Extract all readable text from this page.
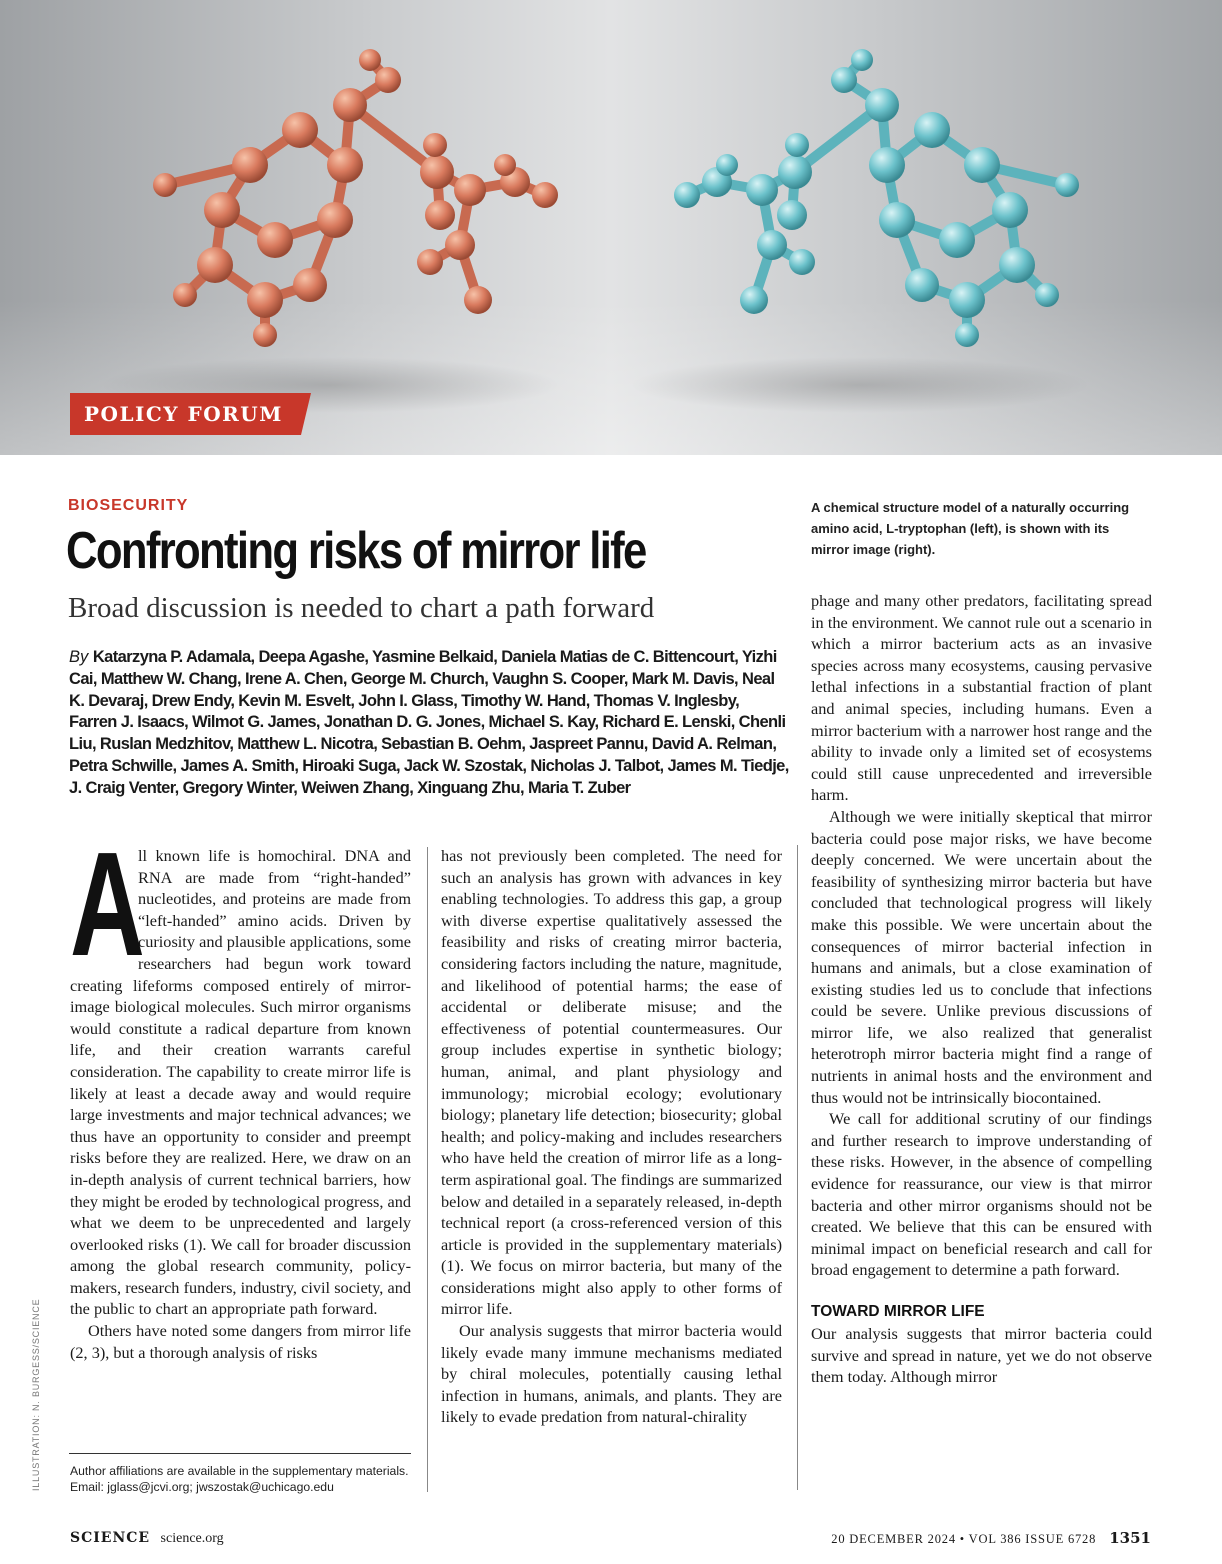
POLICY FORUM
BIOSECURITY
Confronting risks of mirror life
Broad discussion is needed to chart a path forward
By Katarzyna P. Adamala, Deepa Agashe, Yasmine Belkaid, Daniela Matias de C. Bittencourt, Yizhi Cai, Matthew W. Chang, Irene A. Chen, George M. Church, Vaughn S. Cooper, Mark M. Davis, Neal K. Devaraj, Drew Endy, Kevin M. Esvelt, John I. Glass, Timothy W. Hand, Thomas V. Inglesby, Farren J. Isaacs, Wilmot G. James, Jonathan D. G. Jones, Michael S. Kay, Richard E. Lenski, Chenli Liu, Ruslan Medzhitov, Matthew L. Nicotra, Sebastian B. Oehm, Jaspreet Pannu, David A. Relman, Petra Schwille, James A. Smith, Hiroaki Suga, Jack W. Szostak, Nicholas J. Talbot, James M. Tiedje, J. Craig Venter, Gregory Winter, Weiwen Zhang, Xinguang Zhu, Maria T. Zuber
A chemical structure model of a naturally occurring amino acid, L-tryptophan (left), is shown with its mirror image (right).

A
ll known life is homochiral. DNA and RNA are made from “right-handed” nucleotides, and proteins are made from “left-handed” amino acids. Driven by curiosity and plausible applications, some researchers had begun work toward creating lifeforms composed entirely of mirror-image biological molecules. Such mirror organisms would constitute a radical departure from known life, and their creation warrants careful consideration. The capability to create mirror life is likely at least a decade away and would require large investments and major technical advances; we thus have an opportunity to consider and preempt risks before they are realized. Here, we draw on an in-depth analysis of current technical barriers, how they might be eroded by technological progress, and what we deem to be unprecedented and largely overlooked risks (1). We call for broader discussion among the global research community, policy-makers, research funders, industry, civil society, and the public to chart an appropriate path forward.

Others have noted some dangers from mirror life (2, 3), but a thorough analysis of risks

has not previously been completed. The need for such an analysis has grown with advances in key enabling technologies. To address this gap, a group with diverse expertise qualitatively assessed the feasibility and risks of creating mirror bacteria, considering factors including the nature, magnitude, and likelihood of potential harms; the ease of accidental or deliberate misuse; and the effectiveness of potential countermeasures. Our group includes expertise in synthetic biology; human, animal, and plant physiology and immunology; microbial ecology; evolutionary biology; planetary life detection; biosecurity; global health; and policy-making and includes researchers who have held the creation of mirror life as a long-term aspirational goal. The findings are summarized below and detailed in a separately released, in-depth technical report (a cross-referenced version of this article is provided in the supplementary materials) (1). We focus on mirror bacteria, but many of the considerations might also apply to other forms of mirror life.

Our analysis suggests that mirror bacteria would likely evade many immune mechanisms mediated by chiral molecules, potentially causing lethal infection in humans, animals, and plants. They are likely to evade predation from natural-chirality

phage and many other predators, facilitating spread in the environment. We cannot rule out a scenario in which a mirror bacterium acts as an invasive species across many ecosystems, causing pervasive lethal infections in a substantial fraction of plant and animal species, including humans. Even a mirror bacterium with a narrower host range and the ability to invade only a limited set of ecosystems could still cause unprecedented and irreversible harm.

Although we were initially skeptical that mirror bacteria could pose major risks, we have become deeply concerned. We were uncertain about the feasibility of synthesizing mirror bacteria but have concluded that technological progress will likely make this possible. We were uncertain about the consequences of mirror bacterial infection in humans and animals, but a close examination of existing studies led us to conclude that infections could be severe. Unlike previous discussions of mirror life, we also realized that generalist heterotroph mirror bacteria might find a range of nutrients in animal hosts and the environment and thus would not be intrinsically biocontained.

We call for additional scrutiny of our findings and further research to improve understanding of these risks. However, in the absence of compelling evidence for reassurance, our view is that mirror bacteria and other mirror organisms should not be created. We believe that this can be ensured with minimal impact on beneficial research and call for broad engagement to determine a path forward.

TOWARD MIRROR LIFE

Our analysis suggests that mirror bacteria could survive and spread in nature, yet we do not observe them today. Although mirror

Author affiliations are available in the supplementary materials. Email: jglass@jcvi.org; jwszostak@uchicago.edu
ILLUSTRATION: N. BURGESS/SCIENCE
SCIENCE science.org	20 DECEMBER 2024 • VOL 386 ISSUE 6728 1351
